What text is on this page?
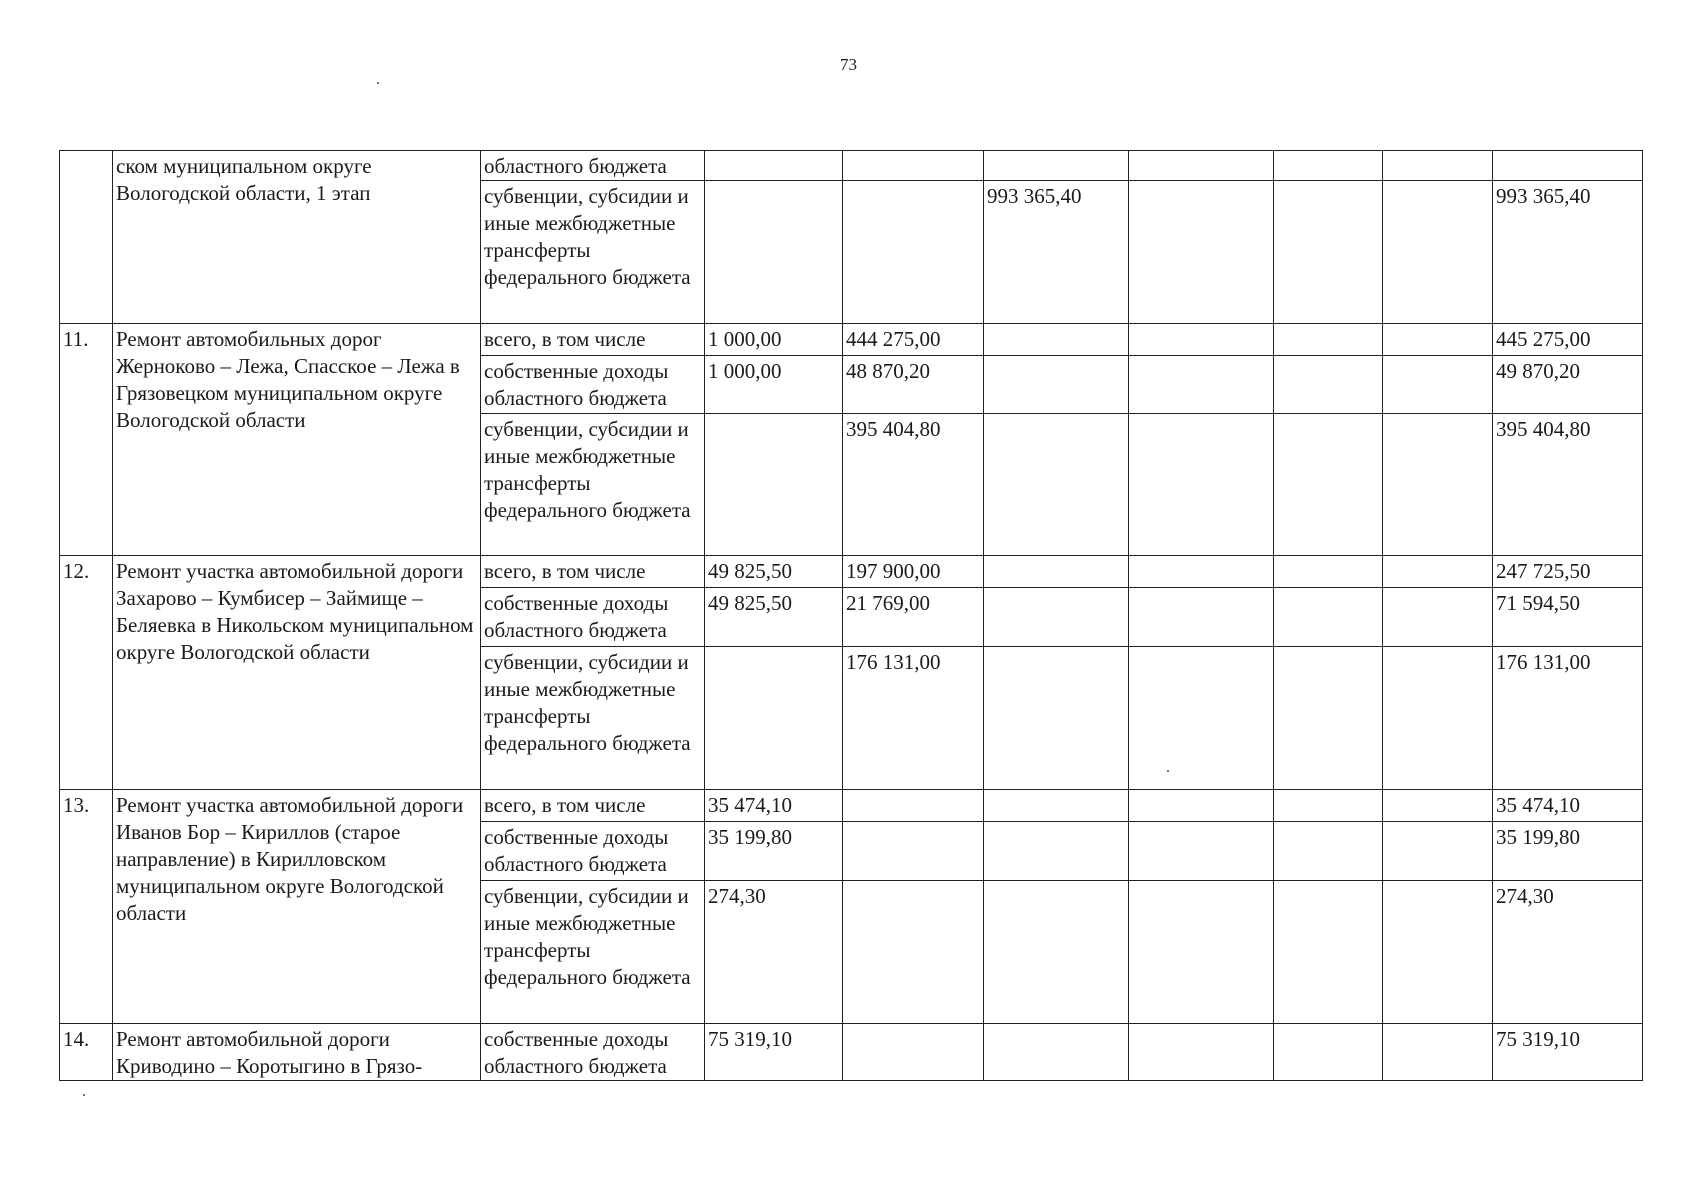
73
	ском муниципальном округе Вологодской области, 1 этап	областного бюджета							
		субвенции, субсидии и иные межбюджетные трансферты федерального бюджета			993 365,40				993 365,40
11.	Ремонт автомобильных дорог Жерноково – Лежа, Спасское – Лежа в Грязовецком муниципальном округе Вологодской области	всего, в том числе	1 000,00	444 275,00					445 275,00
		собственные доходы областного бюджета	1 000,00	48 870,20					49 870,20
		субвенции, субсидии и иные межбюджетные трансферты федерального бюджета		395 404,80					395 404,80
12.	Ремонт участка автомобильной дороги Захарово – Кумбисер – Займище – Беляевка в Никольском муниципальном округе Вологодской области	всего, в том числе	49 825,50	197 900,00					247 725,50
		собственные доходы областного бюджета	49 825,50	21 769,00					71 594,50
		субвенции, субсидии и иные межбюджетные трансферты федерального бюджета		176 131,00					176 131,00
13.	Ремонт участка автомобильной дороги Иванов Бор – Кириллов (старое направление) в Кирилловском муниципальном округе Вологодской области	всего, в том числе	35 474,10						35 474,10
		собственные доходы областного бюджета	35 199,80						35 199,80
		субвенции, субсидии и иные межбюджетные трансферты федерального бюджета	274,30						274,30
14.	Ремонт автомобильной дороги Криводино – Коротыгино в Грязо-	собственные доходы областного бюджета	75 319,10						75 319,10
